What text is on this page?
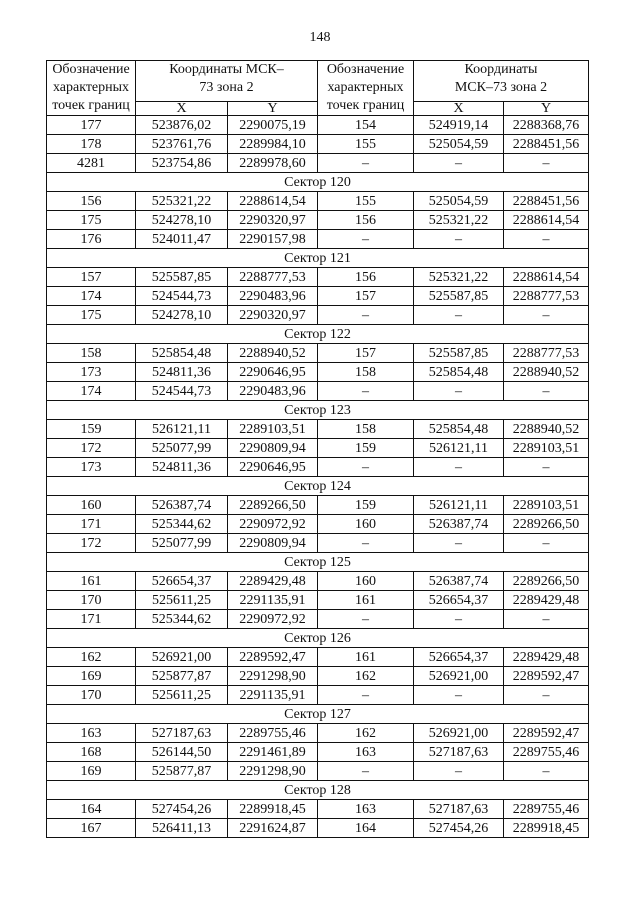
148
Обозначение характерных точек границ	Координаты МСК–73 зона 2		Обозначение характерных точек границ	Координаты МСК–73 зона 2	
	X	Y		X	Y
177	523876,02	2290075,19	154	524919,14	2288368,76
178	523761,76	2289984,10	155	525054,59	2288451,56
4281	523754,86	2289978,60	–	–	–
Сектор 120					
156	525321,22	2288614,54	155	525054,59	2288451,56
175	524278,10	2290320,97	156	525321,22	2288614,54
176	524011,47	2290157,98	–	–	–
Сектор 121					
157	525587,85	2288777,53	156	525321,22	2288614,54
174	524544,73	2290483,96	157	525587,85	2288777,53
175	524278,10	2290320,97	–	–	–
Сектор 122					
158	525854,48	2288940,52	157	525587,85	2288777,53
173	524811,36	2290646,95	158	525854,48	2288940,52
174	524544,73	2290483,96	–	–	–
Сектор 123					
159	526121,11	2289103,51	158	525854,48	2288940,52
172	525077,99	2290809,94	159	526121,11	2289103,51
173	524811,36	2290646,95	–	–	–
Сектор 124					
160	526387,74	2289266,50	159	526121,11	2289103,51
171	525344,62	2290972,92	160	526387,74	2289266,50
172	525077,99	2290809,94	–	–	–
Сектор 125					
161	526654,37	2289429,48	160	526387,74	2289266,50
170	525611,25	2291135,91	161	526654,37	2289429,48
171	525344,62	2290972,92	–	–	–
Сектор 126					
162	526921,00	2289592,47	161	526654,37	2289429,48
169	525877,87	2291298,90	162	526921,00	2289592,47
170	525611,25	2291135,91	–	–	–
Сектор 127					
163	527187,63	2289755,46	162	526921,00	2289592,47
168	526144,50	2291461,89	163	527187,63	2289755,46
169	525877,87	2291298,90	–	–	–
Сектор 128					
164	527454,26	2289918,45	163	527187,63	2289755,46
167	526411,13	2291624,87	164	527454,26	2289918,45
